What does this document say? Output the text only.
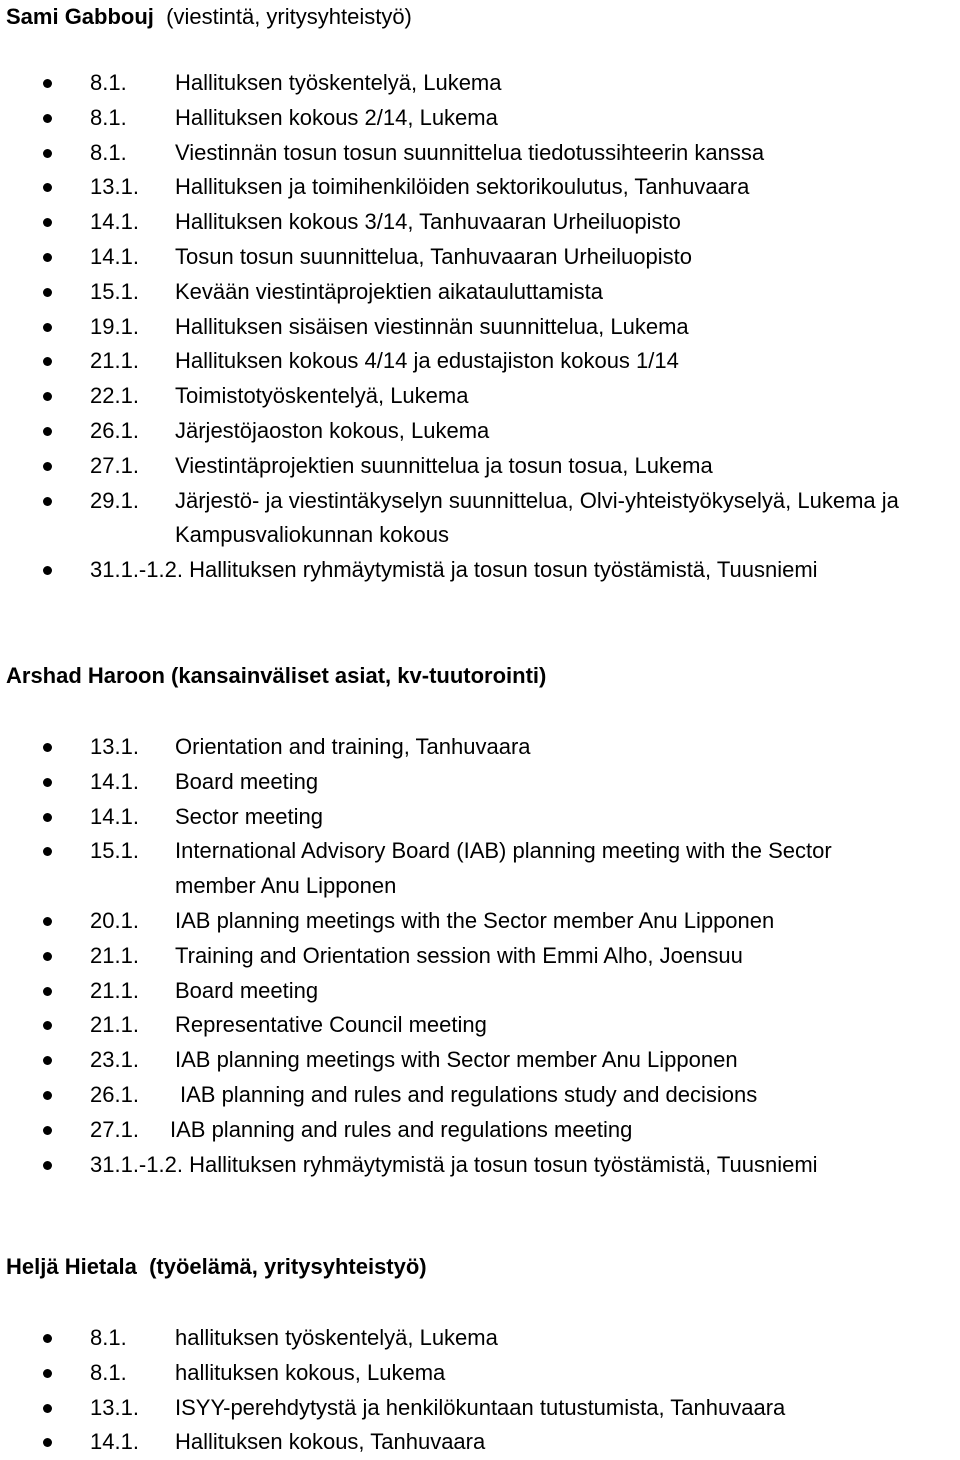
Sami Gabbouj (viestintä, yritysyhteistyö)
8.1. Hallituksen työskentelyä, Lukema
8.1. Hallituksen kokous 2/14, Lukema
8.1. Viestinnän tosun tosun suunnittelua tiedotussihteerin kanssa
13.1. Hallituksen ja toimihenkilöiden sektorikoulutus, Tanhuvaara
14.1. Hallituksen kokous 3/14, Tanhuvaaran Urheiluopisto
14.1. Tosun tosun suunnittelua, Tanhuvaaran Urheiluopisto
15.1. Kevään viestintäprojektien aikatauluttamista
19.1. Hallituksen sisäisen viestinnän suunnittelua, Lukema
21.1. Hallituksen kokous 4/14 ja edustajiston kokous 1/14
22.1. Toimistotyöskentelyä, Lukema
26.1. Järjestöjaoston kokous, Lukema
27.1. Viestintäprojektien suunnittelua ja tosun tosua, Lukema
29.1. Järjestö- ja viestintäkyselyn suunnittelua, Olvi-yhteistyökyselyä, Lukema ja Kampusvaliokunnan kokous
31.1.-1.2. Hallituksen ryhmäytymistä ja tosun tosun työstämistä, Tuusniemi
Arshad Haroon (kansainväliset asiat, kv-tuutorointi)
13.1. Orientation and training, Tanhuvaara
14.1. Board meeting
14.1. Sector meeting
15.1. International Advisory Board (IAB) planning meeting with the Sector member Anu Lipponen
20.1. IAB planning meetings with the Sector member Anu Lipponen
21.1. Training and Orientation session with Emmi Alho, Joensuu
21.1. Board meeting
21.1. Representative Council meeting
23.1. IAB planning meetings with Sector member Anu Lipponen
26.1. IAB planning and rules and regulations study and decisions
27.1. IAB planning and rules and regulations meeting
31.1.-1.2. Hallituksen ryhmäytymistä ja tosun tosun työstämistä, Tuusniemi
Heljä Hietala (työelämä, yritysyhteistyö)
8.1. hallituksen työskentelyä, Lukema
8.1. hallituksen kokous, Lukema
13.1. ISYY-perehdytystä ja henkilökuntaan tutustumista, Tanhuvaara
14.1. Hallituksen kokous, Tanhuvaara
